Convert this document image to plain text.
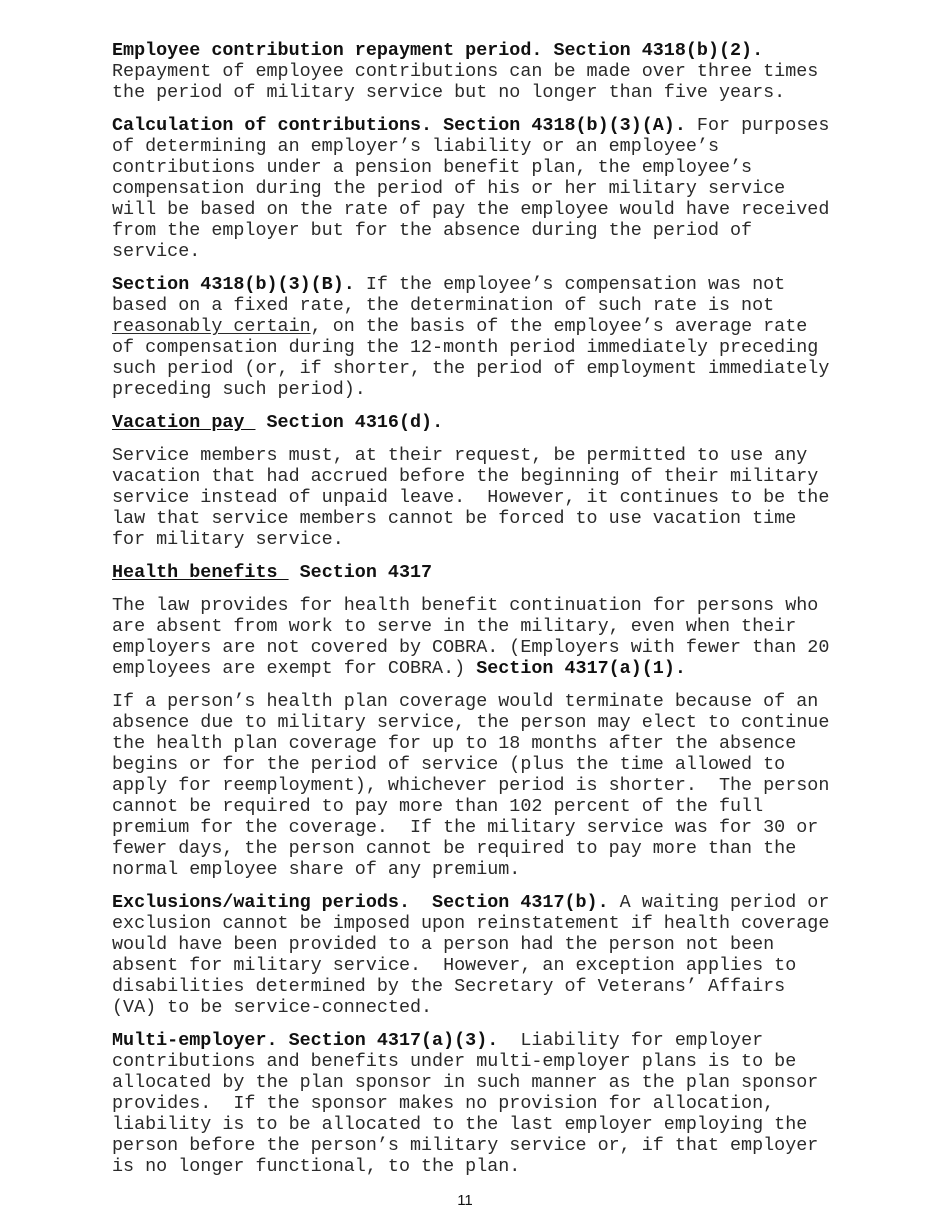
Employee contribution repayment period. Section 4318(b)(2).
Repayment of employee contributions can be made over three times
the period of military service but no longer than five years.
Calculation of contributions. Section 4318(b)(3)(A). For purposes
of determining an employer’s liability or an employee’s
contributions under a pension benefit plan, the employee’s
compensation during the period of his or her military service
will be based on the rate of pay the employee would have received
from the employer but for the absence during the period of
service.
Section 4318(b)(3)(B). If the employee’s compensation was not
based on a fixed rate, the determination of such rate is not
reasonably certain, on the basis of the employee’s average rate
of compensation during the 12-month period immediately preceding
such period (or, if shorter, the period of employment immediately
preceding such period).
Vacation pay  Section 4316(d).
Service members must, at their request, be permitted to use any
vacation that had accrued before the beginning of their military
service instead of unpaid leave.  However, it continues to be the
law that service members cannot be forced to use vacation time
for military service.
Health benefits  Section 4317
The law provides for health benefit continuation for persons who
are absent from work to serve in the military, even when their
employers are not covered by COBRA. (Employers with fewer than 20
employees are exempt for COBRA.) Section 4317(a)(1).
If a person’s health plan coverage would terminate because of an
absence due to military service, the person may elect to continue
the health plan coverage for up to 18 months after the absence
begins or for the period of service (plus the time allowed to
apply for reemployment), whichever period is shorter.  The person
cannot be required to pay more than 102 percent of the full
premium for the coverage.  If the military service was for 30 or
fewer days, the person cannot be required to pay more than the
normal employee share of any premium.
Exclusions/waiting periods.  Section 4317(b). A waiting period or
exclusion cannot be imposed upon reinstatement if health coverage
would have been provided to a person had the person not been
absent for military service.  However, an exception applies to
disabilities determined by the Secretary of Veterans’ Affairs
(VA) to be service-connected.
Multi-employer. Section 4317(a)(3).  Liability for employer
contributions and benefits under multi-employer plans is to be
allocated by the plan sponsor in such manner as the plan sponsor
provides.  If the sponsor makes no provision for allocation,
liability is to be allocated to the last employer employing the
person before the person’s military service or, if that employer
is no longer functional, to the plan.
11
